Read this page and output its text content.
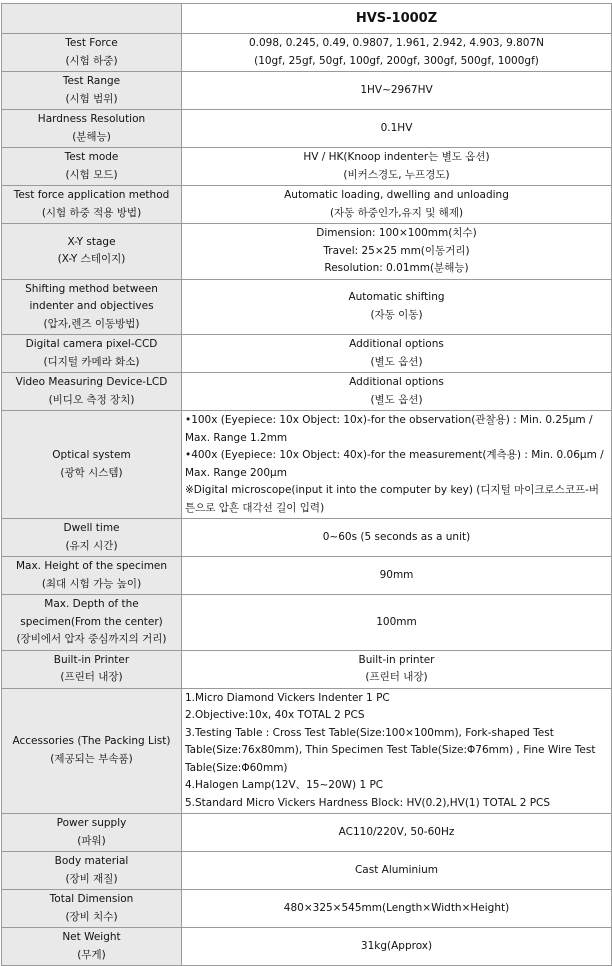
	HVS-1000Z

Test Force
(시험 하중)	0.098, 0.245, 0.49, 0.9807, 1.961, 2.942, 4.903, 9.807N
(10gf, 25gf, 50gf, 100gf, 200gf, 300gf, 500gf, 1000gf)

Test Range
(시험 범위)	1HV~2967HV

Hardness Resolution
(분해능)	0.1HV

Test mode
(시험 모드)	HV / HK(Knoop indenter는 별도 옵션)
(비커스경도, 누프경도)

Test force application method
(시험 하중 적용 방법)	Automatic loading, dwelling and unloading
(자동 하중인가,유지 및 해제)

X-Y stage
(X-Y 스테이지)	Dimension: 100×100mm(치수)
Travel: 25×25 mm(이동거리)
Resolution: 0.01mm(분해능)

Shifting method between
indenter and objectives
(압자,렌즈 이동방법)	Automatic shifting
(자동 이동)

Digital camera pixel-CCD
(디지털 카메라 화소)	Additional options
(별도 옵션)

Video Measuring Device-LCD
(비디오 측정 장치)	Additional options
(별도 옵션)

Optical system
(광학 시스템)	•100x (Eyepiece: 10x Object: 10x)-for the observation(관찰용) : Min. 0.25μm / Max. Range 1.2mm
•400x (Eyepiece: 10x Object: 40x)-for the measurement(계측용) : Min. 0.06μm / Max. Range 200μm
※Digital microscope(input it into the computer by key) (디지털 마이크로스코프-버튼으로 압흔 대각선 길이 입력)

Dwell time
(유지 시간)	0~60s (5 seconds as a unit)

Max. Height of the specimen
(최대 시험 가능 높이)	90mm

Max. Depth of the specimen(From the center)
(장비에서 압자 중심까지의 거리)	100mm

Built-in Printer
(프린터 내장)	Built-in printer
(프린터 내장)

Accessories (The Packing List)
(제공되는 부속품)	1.Micro Diamond Vickers Indenter 1 PC
2.Objective:10x, 40x TOTAL 2 PCS
3.Testing Table : Cross Test Table(Size:100×100mm), Fork-shaped Test Table(Size:76x80mm), Thin Specimen Test Table(Size:Φ76mm) , Fine Wire Test Table(Size:Φ60mm)
4.Halogen Lamp(12V、15~20W) 1 PC
5.Standard Micro Vickers Hardness Block: HV(0.2),HV(1) TOTAL 2 PCS

Power supply
(파워)	AC110/220V, 50-60Hz

Body material
(장비 재질)	Cast Aluminium

Total Dimension
(장비 치수)	480×325×545mm(Length×Width×Height)

Net Weight
(무게)	31kg(Approx)
